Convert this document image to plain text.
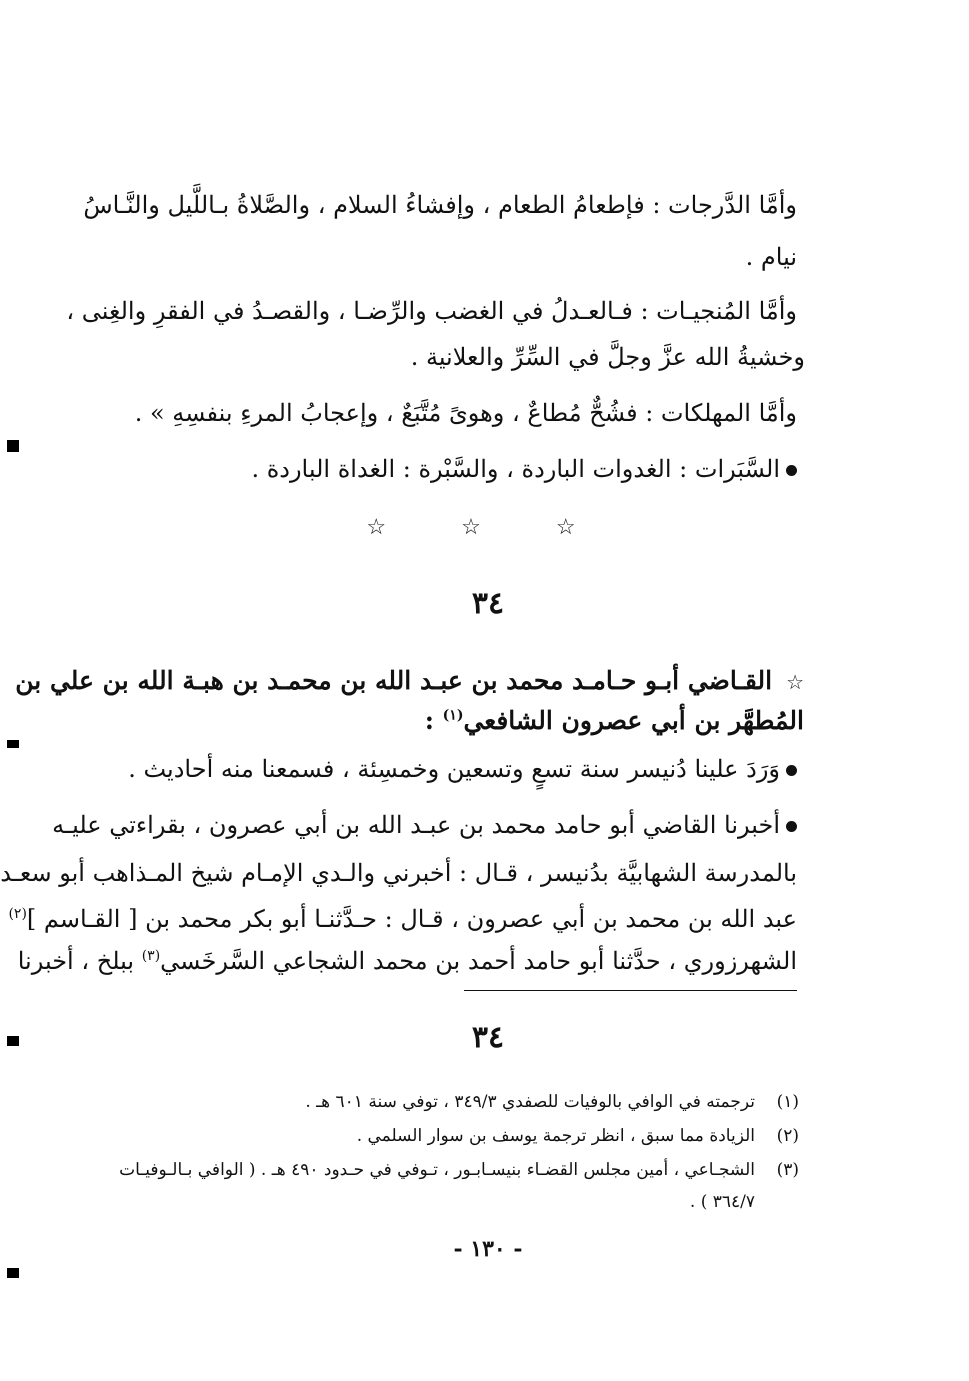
وأمَّا الدَّرجات : فإطعامُ الطعام ، وإفشاءُ السلام ، والصَّلاةُ بـاللَّيل والنَّـاسُ
نيام .
وأمَّا المُنجيـات : فـالعـدلُ في الغضب والرِّضـا ، والقصـدُ في الفقرِ والغِنى ،
وخشيةُ الله عزَّ وجلَّ في السِّرِّ والعلانية .
وأمَّا المهلكات : فشُحٌّ مُطاعٌ ، وهوىً مُتَّبَعٌ ، وإعجابُ المرءِ بنفسِهِ » .
السَّبَرات : الغدوات الباردة ، والسَّبْرة : الغداة الباردة .
☆ ☆ ☆
٣٤
☆القـاضي أبـو حـامـد محمد بن عبـد الله بن محمـد بن هبـة الله بن علي بن
المُطهَّر بن أبي عصرون الشافعي$^{(١)}$ :
وَرَدَ علينا دُنيسر سنة تسعٍ وتسعين وخمسِئة ، فسمعنا منه أحاديث .
أخبرنا القاضي أبو حامد محمد بن عبـد الله بن أبي عصرون ، بقراءتي عليـه
بالمدرسة الشهابيَّة بدُنيسر ، قـال : أخبرني والـدي الإمـام شيخ المـذاهب أبو سعـد
عبد الله بن محمد بن أبي عصرون ، قـال : حـدَّثنـا أبو بكر محمد بن [ القـاسم ]$^{(٢)}$
الشهرزوري ، حدَّثنا أبو حامد أحمد بن محمد الشجاعي السَّرخَسي$^{(٣)}$ ببلخ ، أخبرنا
٣٤
(١)
ترجمته في الوافي بالوفيات للصفدي ٣٤٩/٣ ، توفي سنة ٦٠١ هـ .
(٢)
الزيادة مما سبق ، انظر ترجمة يوسف بن سوار السلمي .
(٣)
الشجـاعي ، أمين مجلس القضـاء بنيسـابـور ، تـوفي في حـدود ٤٩٠ هـ . ( الوافي بـالـوفيـات
٣٦٤/٧ ) .
- ١٣٠ -
